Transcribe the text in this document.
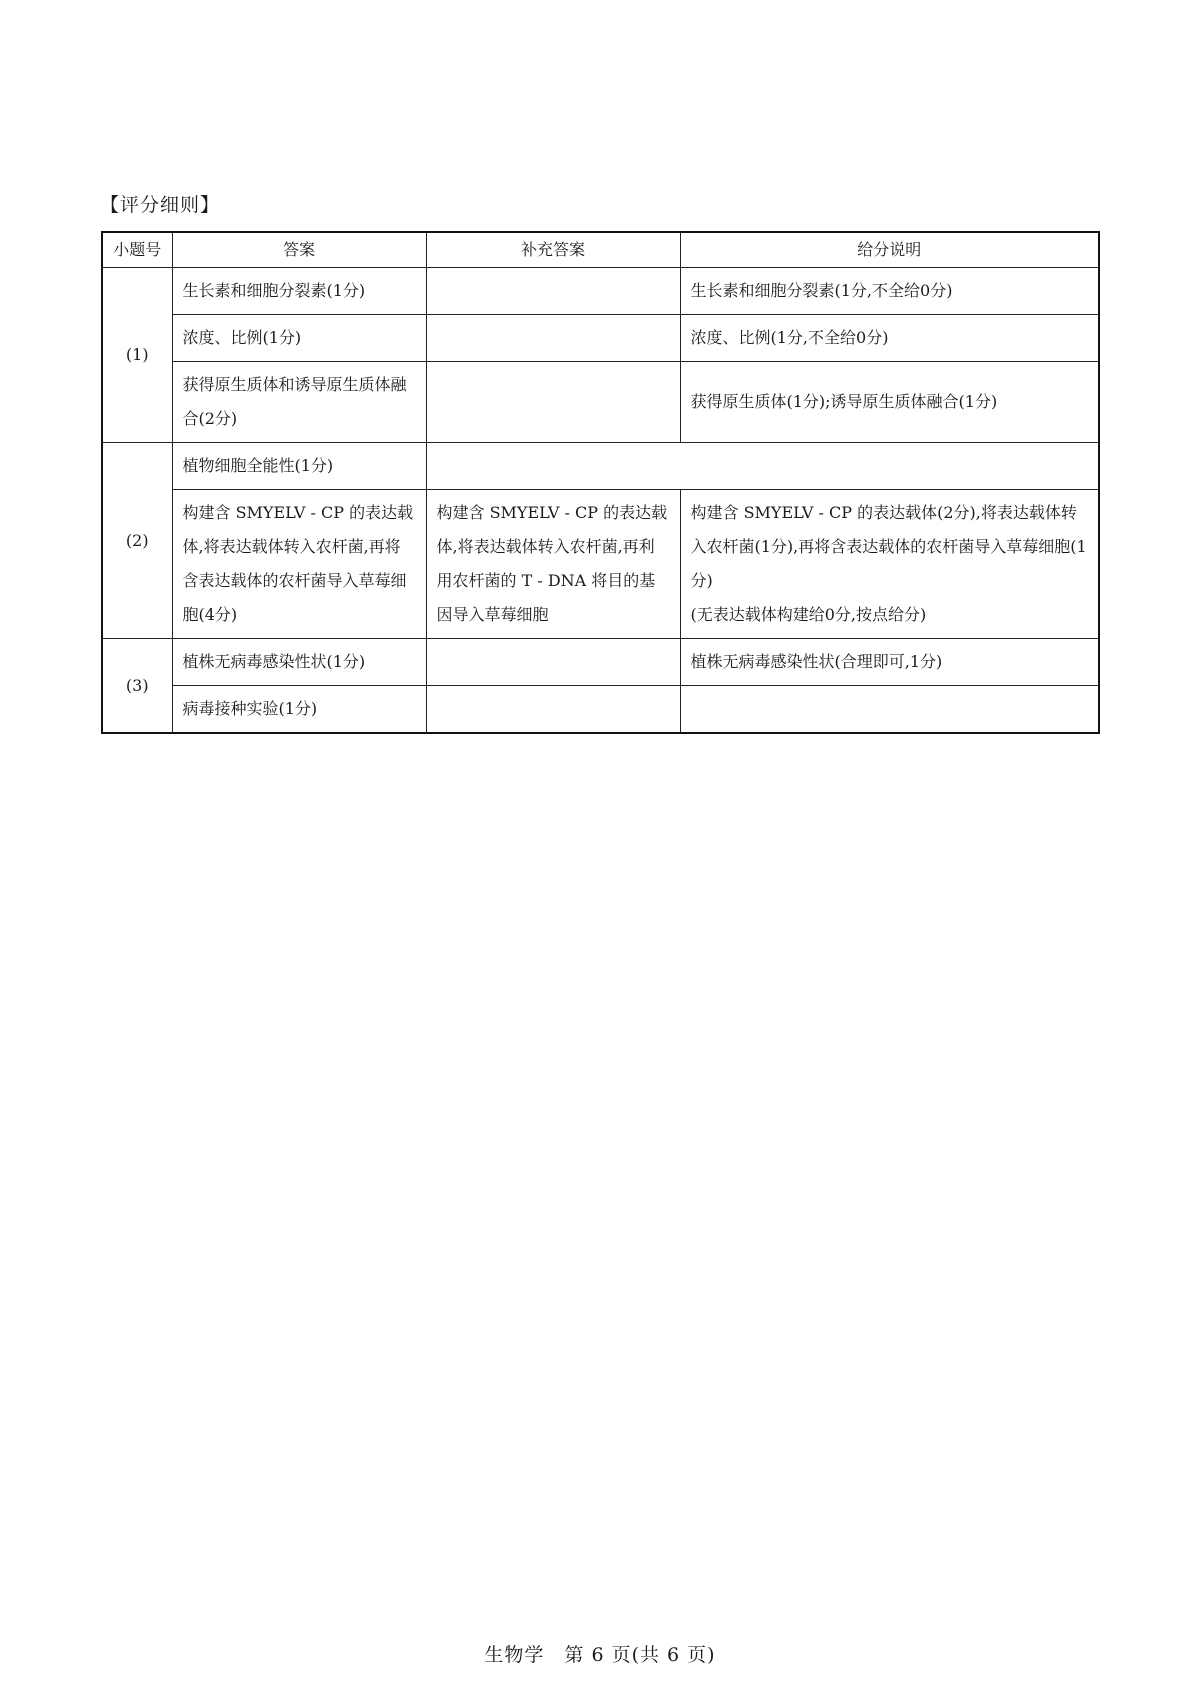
【评分细则】
小题号	答案	补充答案	给分说明
(1)	生长素和细胞分裂素(1分)		生长素和细胞分裂素(1分,不全给0分)
	浓度、比例(1分)		浓度、比例(1分,不全给0分)
	获得原生质体和诱导原生质体融合(2分)		获得原生质体(1分);诱导原生质体融合(1分)
(2)	植物细胞全能性(1分)		
	构建含 SMYELV - CP 的表达载体,将表达载体转入农杆菌,再将含表达载体的农杆菌导入草莓细胞(4分)	构建含 SMYELV - CP 的表达载体,将表达载体转入农杆菌,再利用农杆菌的 T - DNA 将目的基因导入草莓细胞	构建含 SMYELV - CP 的表达载体(2分),将表达载体转入农杆菌(1分),再将含表达载体的农杆菌导入草莓细胞(1分)
(无表达载体构建给0分,按点给分)

(3)	植株无病毒感染性状(1分)		植株无病毒感染性状(合理即可,1分)
	病毒接种实验(1分)		
生物学　第 6 页(共 6 页)
